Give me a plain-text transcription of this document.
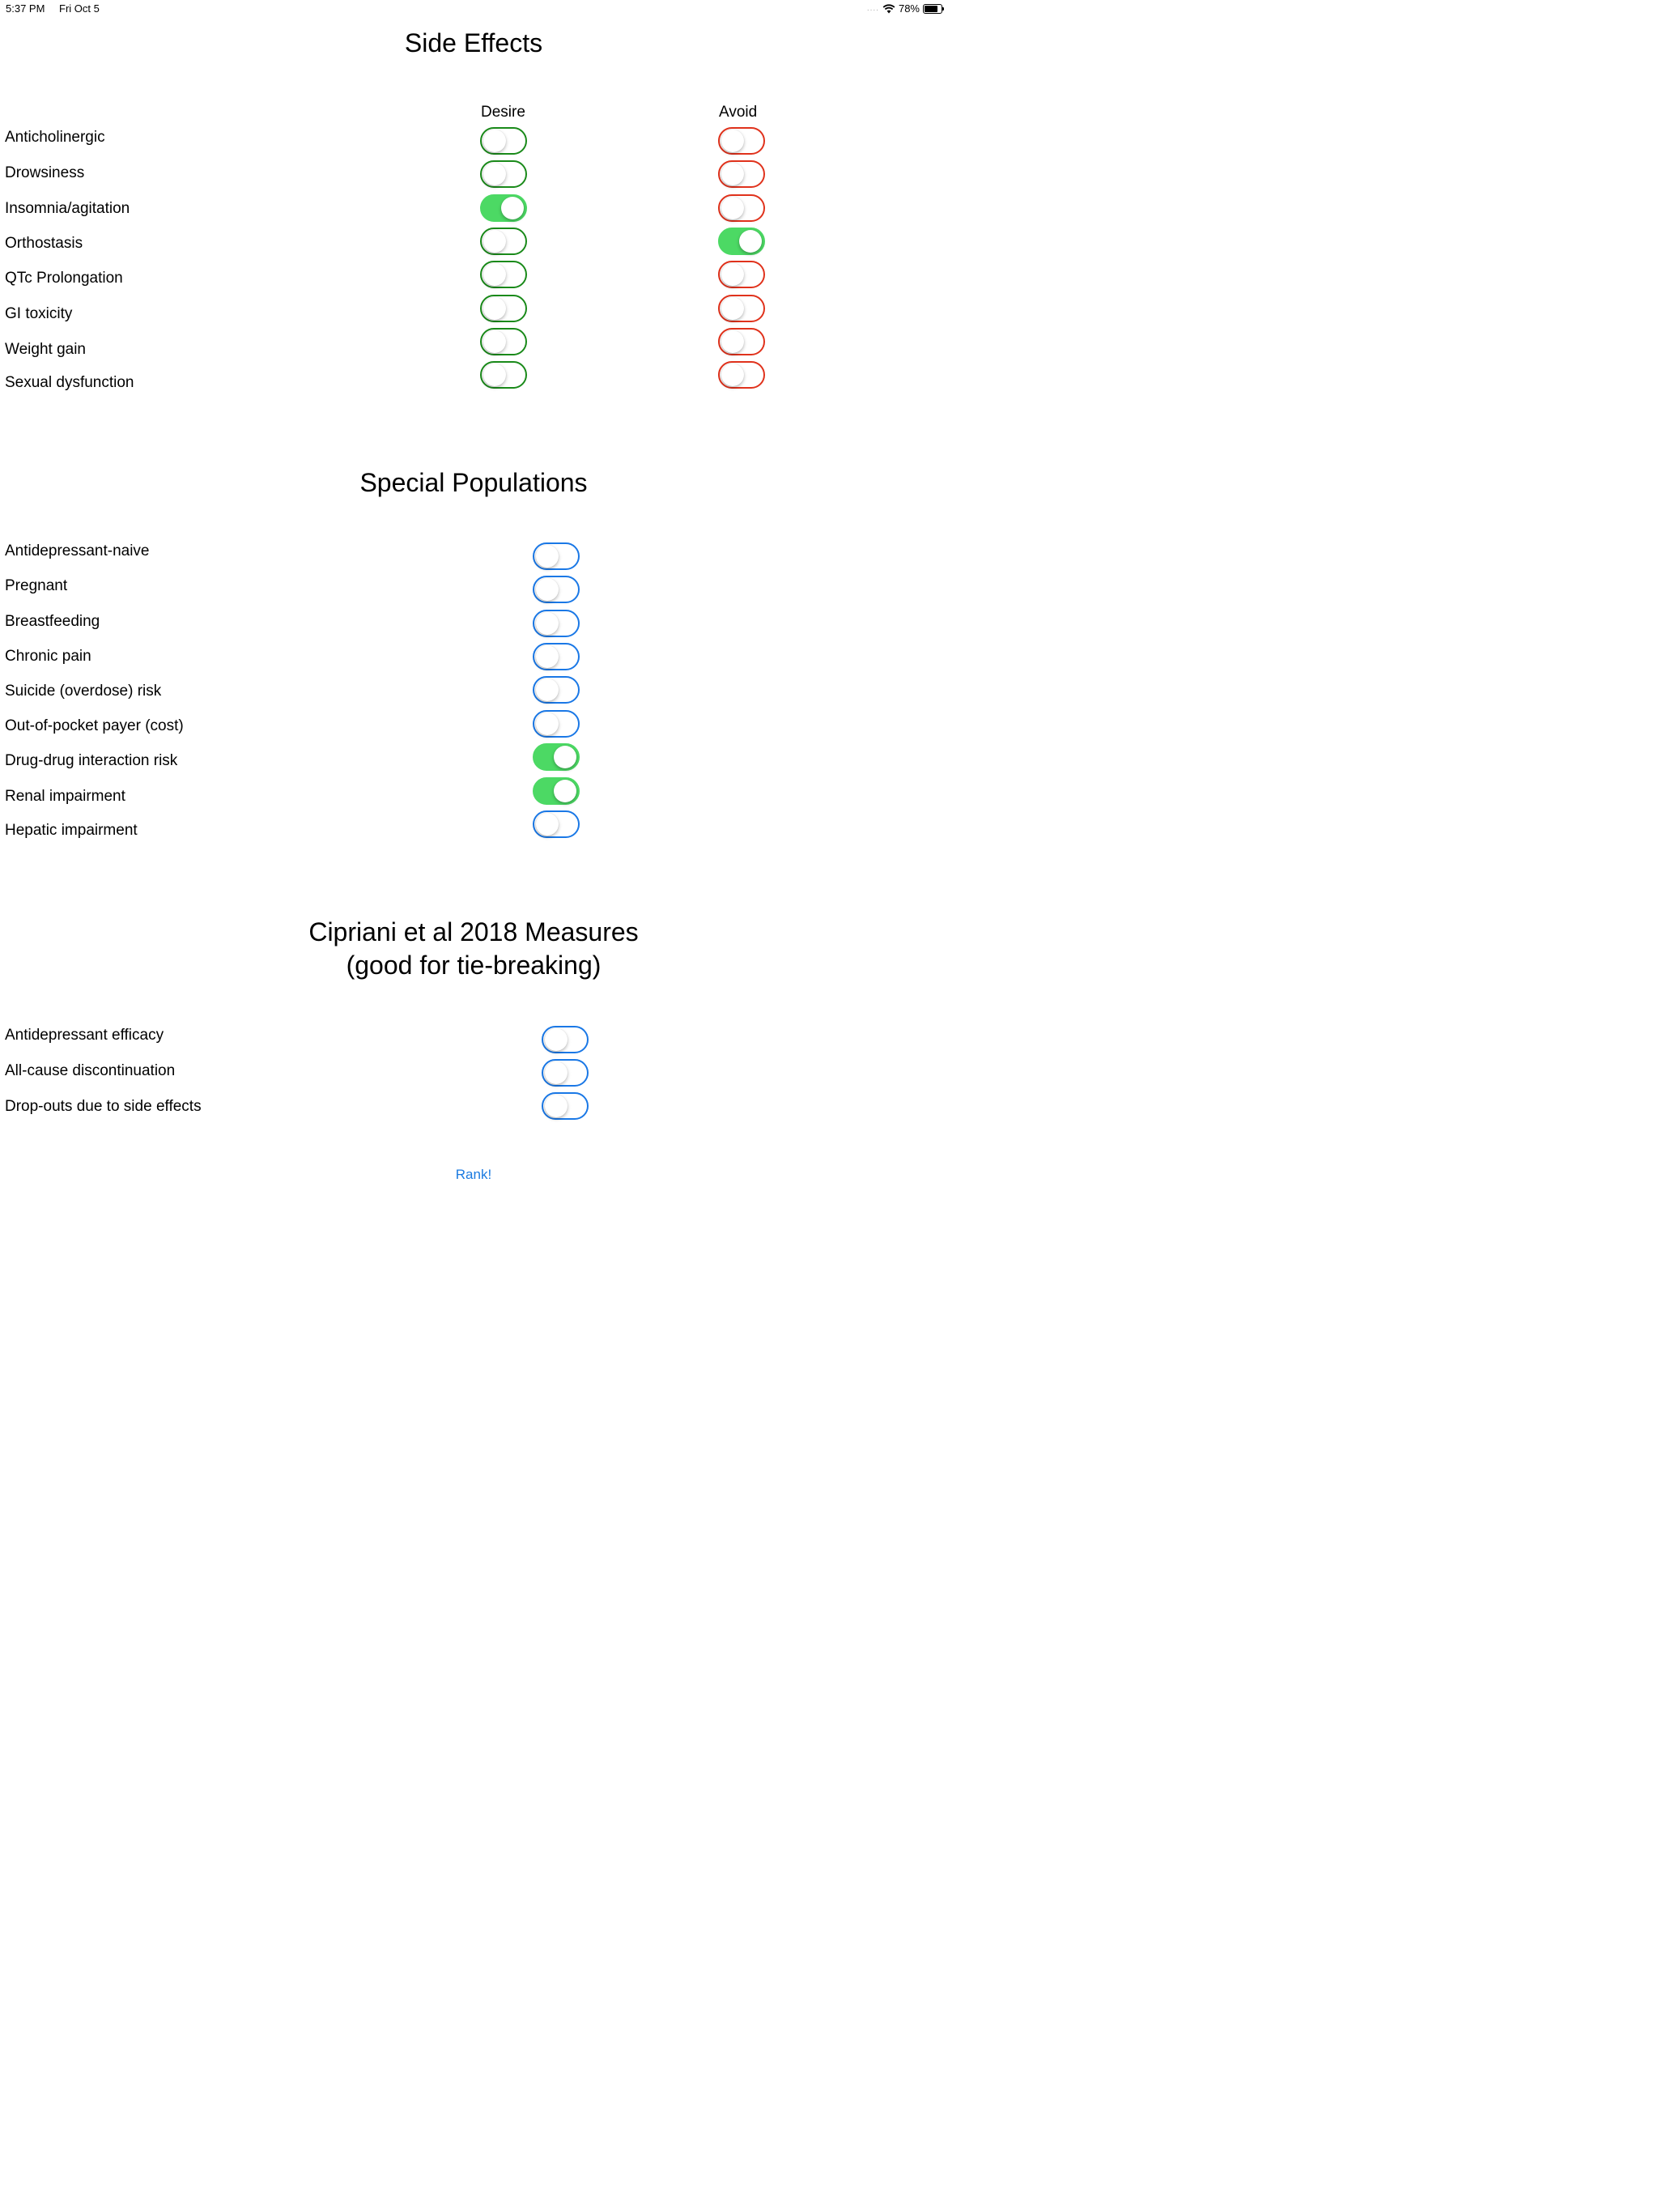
5:37 PM Fri Oct 5	.... 78%
Side Effects
Desire	Avoid
Anticholinergic
Drowsiness
Insomnia/agitation
Orthostasis
QTc Prolongation
GI toxicity
Weight gain
Sexual dysfunction
Special Populations
Antidepressant-naive
Pregnant
Breastfeeding
Chronic pain
Suicide (overdose) risk
Out-of-pocket payer (cost)
Drug-drug interaction risk
Renal impairment
Hepatic impairment
Cipriani et al 2018 Measures
(good for tie-breaking)
Antidepressant efficacy
All-cause discontinuation
Drop-outs due to side effects
Rank!
